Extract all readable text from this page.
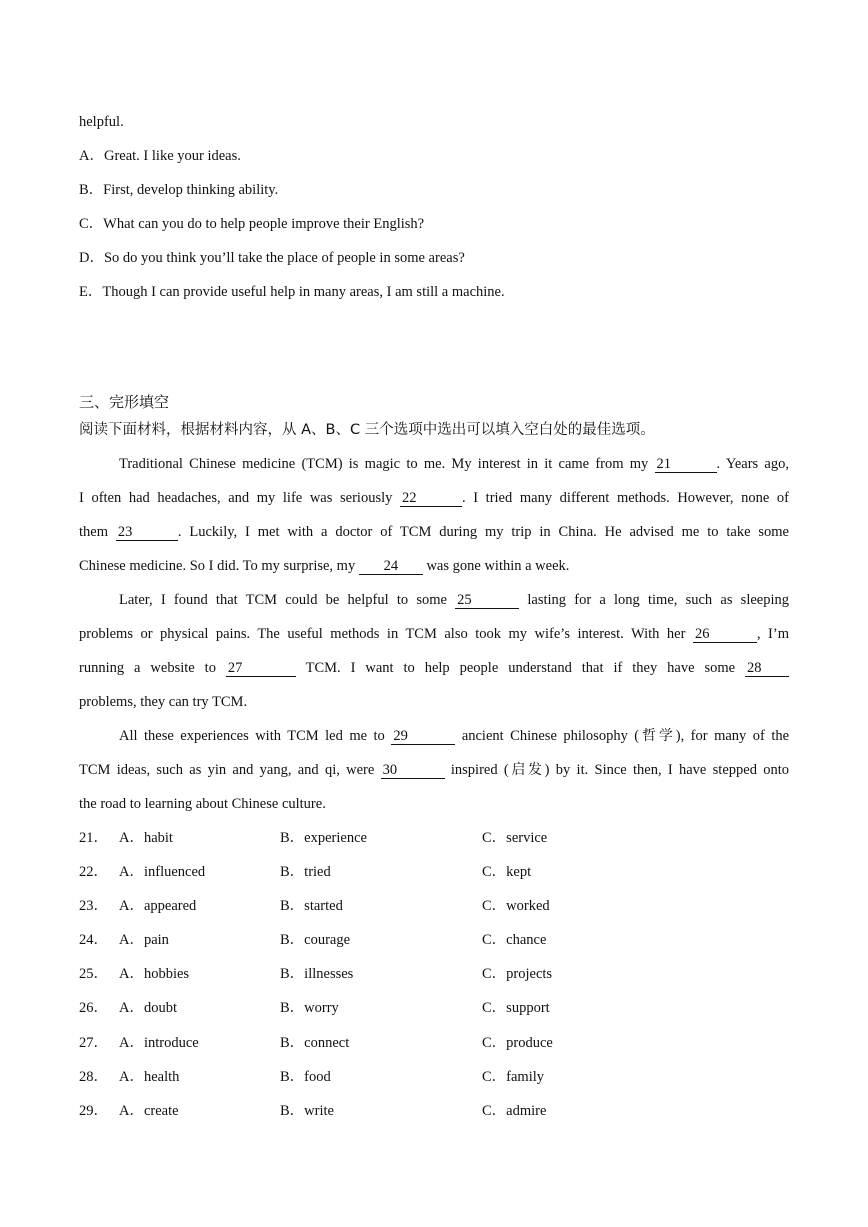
helpful.
A．Great. I like your ideas.
B．First, develop thinking ability.
C．What can you do to help people improve their English?
D．So do you think you’ll take the place of people in some areas?
E．Though I can provide useful help in many areas, I am still a machine.
三、完形填空
阅读下面材料，根据材料内容，从 A、B、C 三个选项中选出可以填入空白处的最佳选项。
Traditional Chinese medicine (TCM) is magic to me. My interest in it came from my 21	. Years ago,
I often had headaches, and my life was seriously 22	. I tried many different methods. However, none of
them 23	. Luckily, I met with a doctor of TCM during my trip in China. He advised me to take some
Chinese medicine. So I did. To my surprise, my 24 was gone within a week.
Later, I found that TCM could be helpful to some 25	lasting for a long time, such as sleeping
problems or physical pains. The useful methods in TCM also took my wife’s interest. With her 26	, I’m
running a website to 27	TCM. I want to help people understand that if they have some 28
problems, they can try TCM.
All these experiences with TCM led me to 29	ancient Chinese philosophy (哲学), for many of the
TCM ideas, such as yin and yang, and qi, were 30	inspired (启发) by it. Since then, I have stepped onto
the road to learning about Chinese culture.
21． A．habit	B．experience	C．service
22． A．influenced	B．tried	C．kept
23． A．appeared	B．started	C．worked
24． A．pain	B．courage	C．chance
25． A．hobbies	B．illnesses	C．projects
26． A．doubt	B．worry	C．support
27． A．introduce	B．connect	C．produce
28． A．health	B．food	C．family
29． A．create	B．write	C．admire
